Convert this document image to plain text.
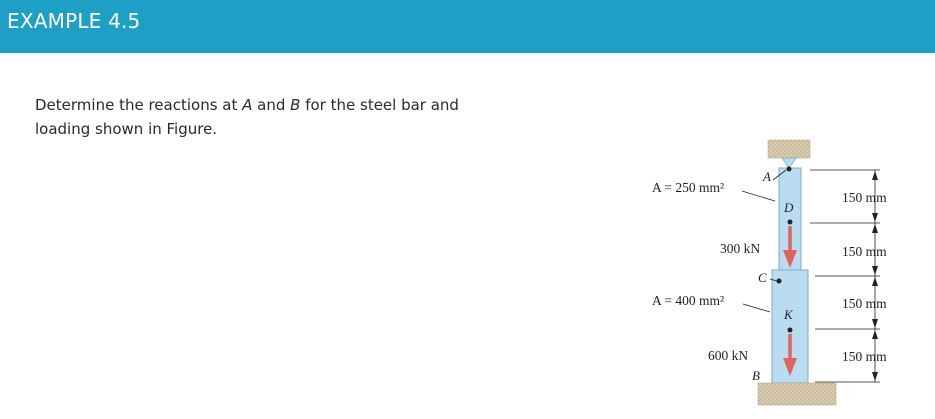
EXAMPLE 4.5
Determine the reactions at A and B for the steel bar and
loading shown in Figure.
A = 250 mm²
A = 400 mm²
300 kN
600 kN
A
B
C
D
K
150 mm
150 mm
150 mm
150 mm
